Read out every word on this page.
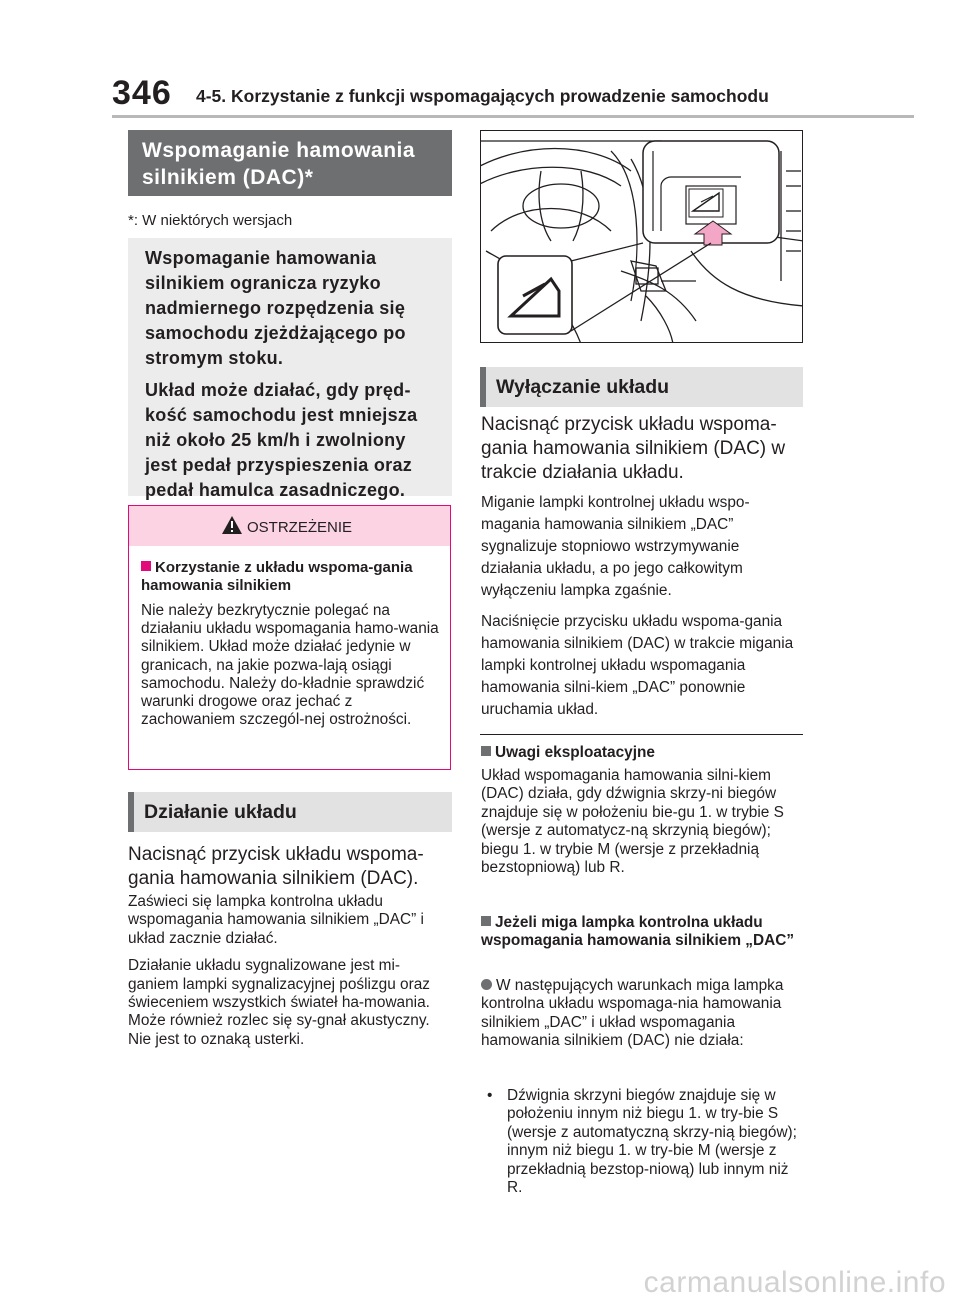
346 4-5. Korzystanie z funkcji wspomagających prowadzenie samochodu
Wspomaganie hamowania silnikiem (DAC)*
*: W niektórych wersjach

Wspomaganie hamowania silnikiem ogranicza ryzyko nadmiernego rozpędzenia się samochodu zjeżdżającego po stromym stoku.

Układ może działać, gdy pręd-kość samochodu jest mniejsza niż około 25 km/h i zwolniony jest pedał przyspieszenia oraz pedał hamulca zasadniczego.

OSTRZEŻENIE
Korzystanie z układu wspoma-gania hamowania silnikiem
Nie należy bezkrytycznie polegać na działaniu układu wspomagania hamo-wania silnikiem. Układ może działać jedynie w granicach, na jakie pozwa-lają osiągi samochodu. Należy do-kładnie sprawdzić warunki drogowe oraz jechać z zachowaniem szczegól-nej ostrożności.
Działanie układu
Nacisnąć przycisk układu wspoma-gania hamowania silnikiem (DAC).

Zaświeci się lampka kontrolna układu wspomagania hamowania silnikiem „DAC” i układ zacznie działać.

Działanie układu sygnalizowane jest mi-ganiem lampki sygnalizacyjnej poślizgu oraz świeceniem wszystkich świateł ha-mowania. Może również rozlec się sy-gnał akustyczny. Nie jest to oznaką usterki.

Wyłączanie układu
Nacisnąć przycisk układu wspoma-gania hamowania silnikiem (DAC) w trakcie działania układu.

Miganie lampki kontrolnej układu wspo-magania hamowania silnikiem „DAC” sygnalizuje stopniowo wstrzymywanie działania układu, a po jego całkowitym wyłączeniu lampka zgaśnie.

Naciśnięcie przycisku układu wspoma-gania hamowania silnikiem (DAC) w trakcie migania lampki kontrolnej układu wspomagania hamowania silni-kiem „DAC” ponownie uruchamia układ.

Uwagi eksploatacyjne
Układ wspomagania hamowania silni-kiem (DAC) działa, gdy dźwignia skrzy-ni biegów znajduje się w położeniu bie-gu 1. w trybie S (wersje z automatycz-ną skrzynią biegów); biegu 1. w trybie M (wersje z przekładnią bezstopniową) lub R.
Jeżeli miga lampka kontrolna układu wspomagania hamowania silnikiem „DAC”
W następujących warunkach miga lampka kontrolna układu wspomaga-nia hamowania silnikiem „DAC” i układ wspomagania hamowania silnikiem (DAC) nie działa:
• Dźwignia skrzyni biegów znajduje się w położeniu innym niż biegu 1. w try-bie S (wersje z automatyczną skrzy-nią biegów); innym niż biegu 1. w try-bie M (wersje z przekładnią bezstop-niową) lub innym niż R.
carmanualsonline.info
